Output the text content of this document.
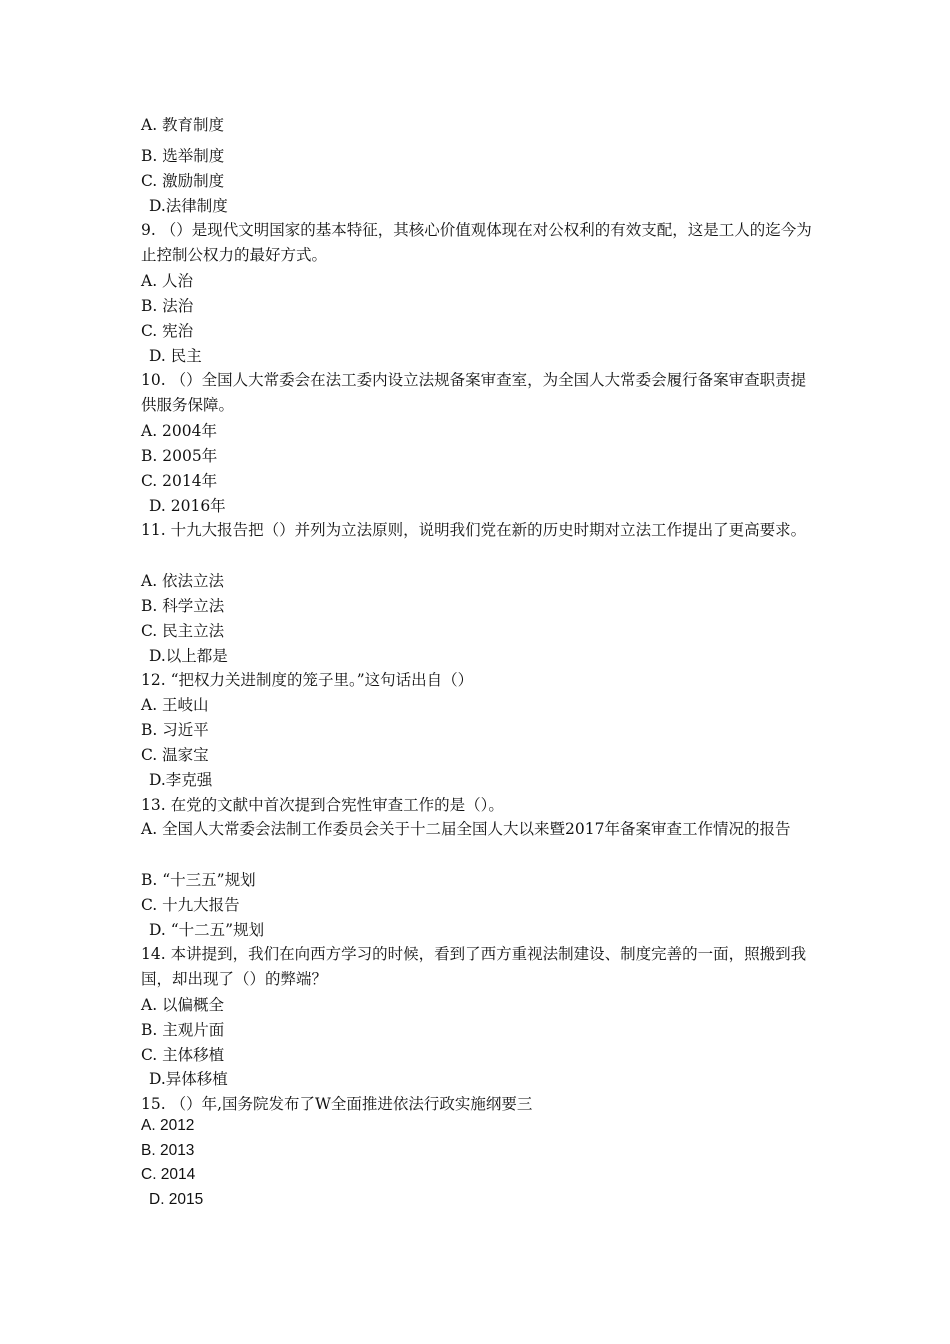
A. 教育制度
B. 选举制度
C. 激励制度
D.法律制度
9. （）是现代文明国家的基本特征，其核心价值观体现在对公权利的有效支配，这是工人的迄今为止控制公权力的最好方式。
A. 人治
B. 法治
C. 宪治
D. 民主
10. （）全国人大常委会在法工委内设立法规备案审查室，为全国人大常委会履行备案审查职责提供服务保障。
A. 2004年
B. 2005年
C. 2014年
D. 2016年
11. 十九大报告把（）并列为立法原则，说明我们党在新的历史时期对立法工作提出了更高要求。
A. 依法立法
B. 科学立法
C. 民主立法
D.以上都是
12. “把权力关进制度的笼子里。”这句话出自（）
A. 王岐山
B. 习近平
C. 温家宝
D.李克强
13. 在党的文献中首次提到合宪性审查工作的是（）。
A. 全国人大常委会法制工作委员会关于十二届全国人大以来暨2017年备案审查工作情况的报告
B. “十三五”规划
C. 十九大报告
D. “十二五”规划
14. 本讲提到，我们在向西方学习的时候，看到了西方重视法制建设、制度完善的一面，照搬到我国，却出现了（）的弊端？
A. 以偏概全
B. 主观片面
C. 主体移植
D.异体移植
15. （）年,国务院发布了W全面推进依法行政实施纲要三
A. 2012
B. 2013
C. 2014
D. 2015
